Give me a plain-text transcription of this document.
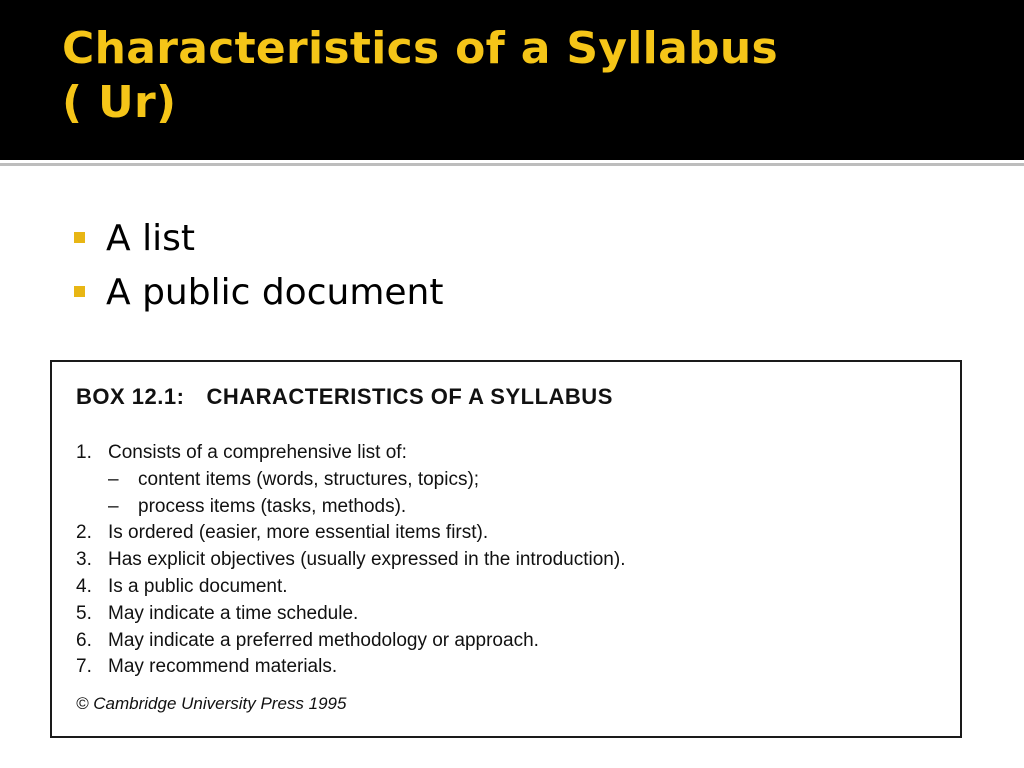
Characteristics of a Syllabus
( Ur)
A list
A public document

BOX 12.1: CHARACTERISTICS OF A SYLLABUS

1. Consists of a comprehensive list of:
– content items (words, structures, topics);
– process items (tasks, methods).
2. Is ordered (easier, more essential items first).
3. Has explicit objectives (usually expressed in the introduction).
4. Is a public document.
5. May indicate a time schedule.
6. May indicate a preferred methodology or approach.
7. May recommend materials.

© Cambridge University Press 1995
